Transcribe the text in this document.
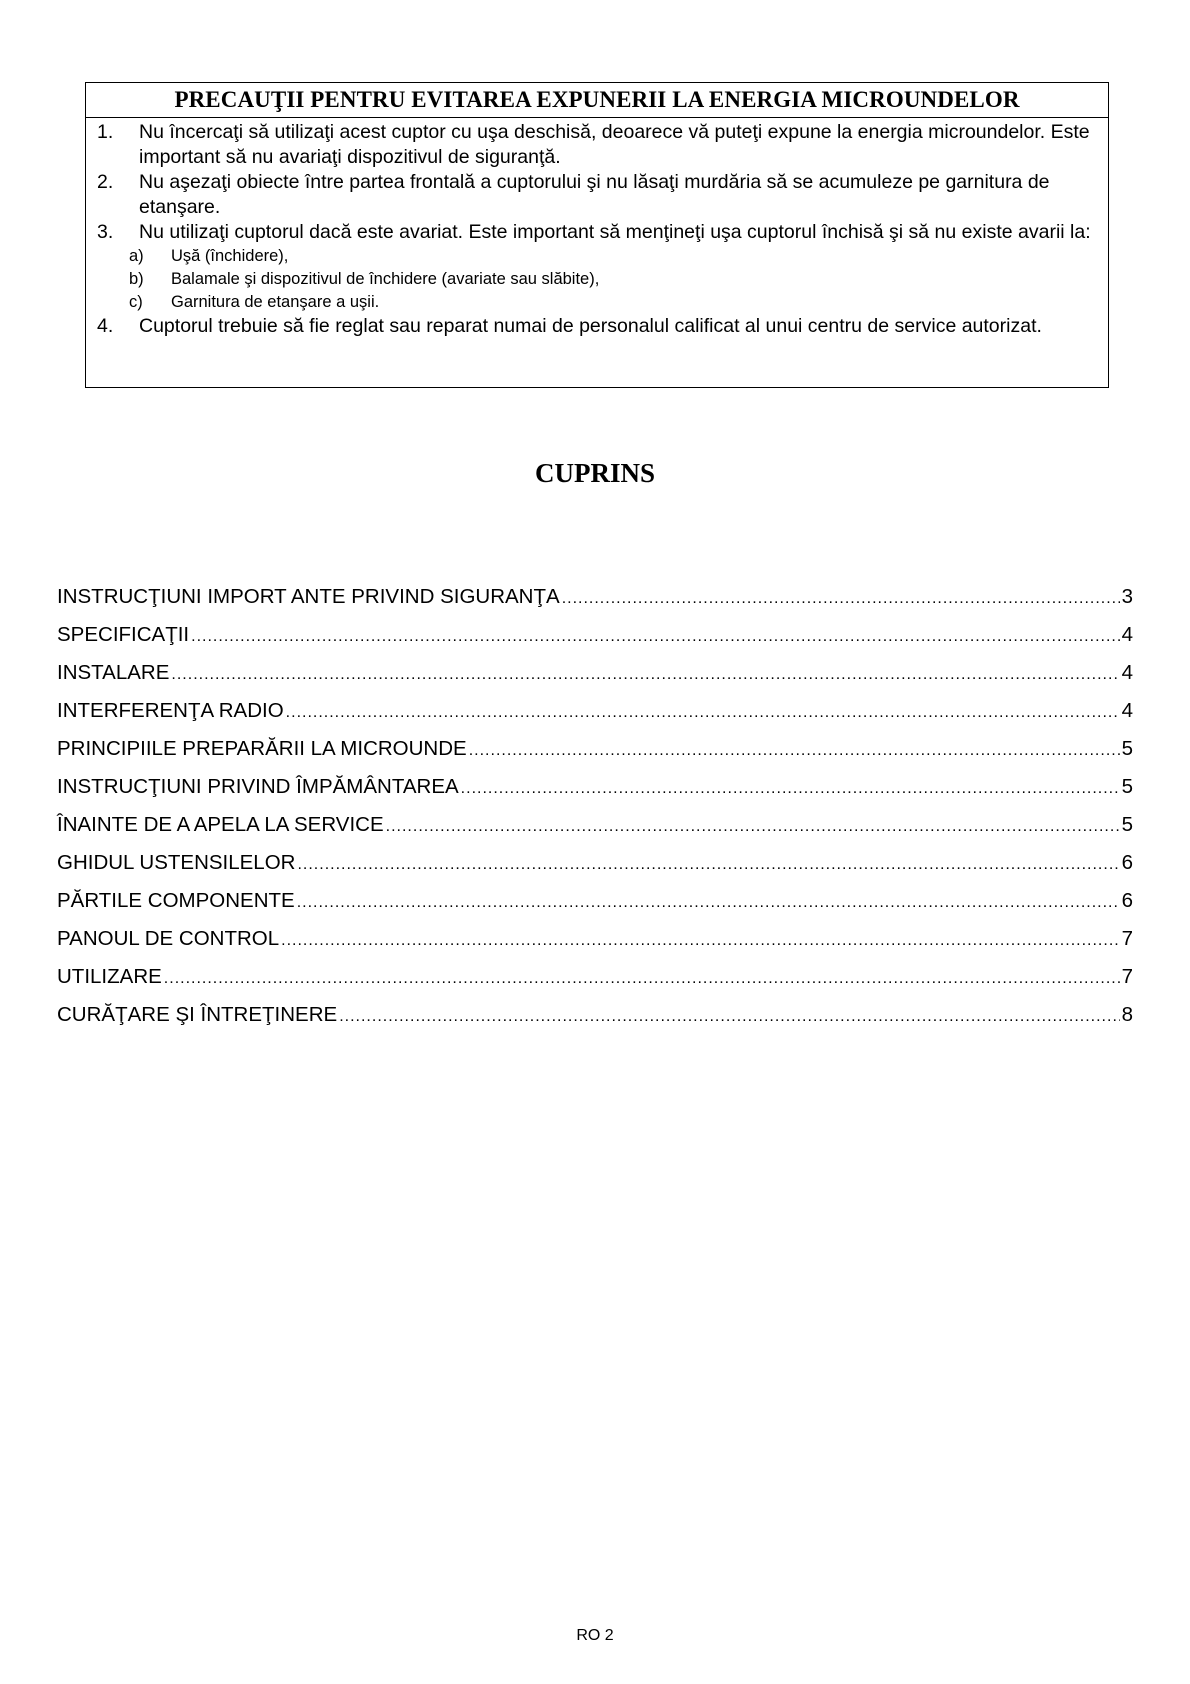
PRECAUŢII PENTRU EVITAREA EXPUNERII LA ENERGIA MICROUNDELOR
1. Nu încercaţi să utilizaţi acest cuptor cu uşa deschisă, deoarece vă puteţi expune la energia microundelor. Este important să nu avariaţi dispozitivul de siguranţă.
2. Nu aşezaţi obiecte între partea frontală a cuptorului şi nu lăsaţi murdăria să se acumuleze pe garnitura de etanşare.
3. Nu utilizaţi cuptorul dacă este avariat. Este important să menţineţi uşa cuptorul închisă şi să nu existe avarii la:
a) Uşă (închidere),
b) Balamale şi dispozitivul de închidere (avariate sau slăbite),
c) Garnitura de etanşare a uşii.
4. Cuptorul trebuie să fie reglat sau reparat numai de personalul calificat al unui centru de service autorizat.
CUPRINS
INSTRUCŢIUNI IMPORT ANTE PRIVIND SIGURANŢA .....	3
SPECIFICAŢII .....	4
INSTALARE .....	4
INTERFERENŢA RADIO .....	4
PRINCIPIILE PREPARĂRII LA MICROUNDE .....	5
INSTRUCŢIUNI PRIVIND ÎMPĂMÂNTAREA .....	5
ÎNAINTE DE A APELA LA SERVICE .....	5
GHIDUL USTENSILELOR .....	6
PĂRTILE COMPONENTE .....	6
PANOUL DE CONTROL .....	7
UTILIZARE .....	7
CURĂŢARE ŞI ÎNTREŢINERE .....	8
RO 2
